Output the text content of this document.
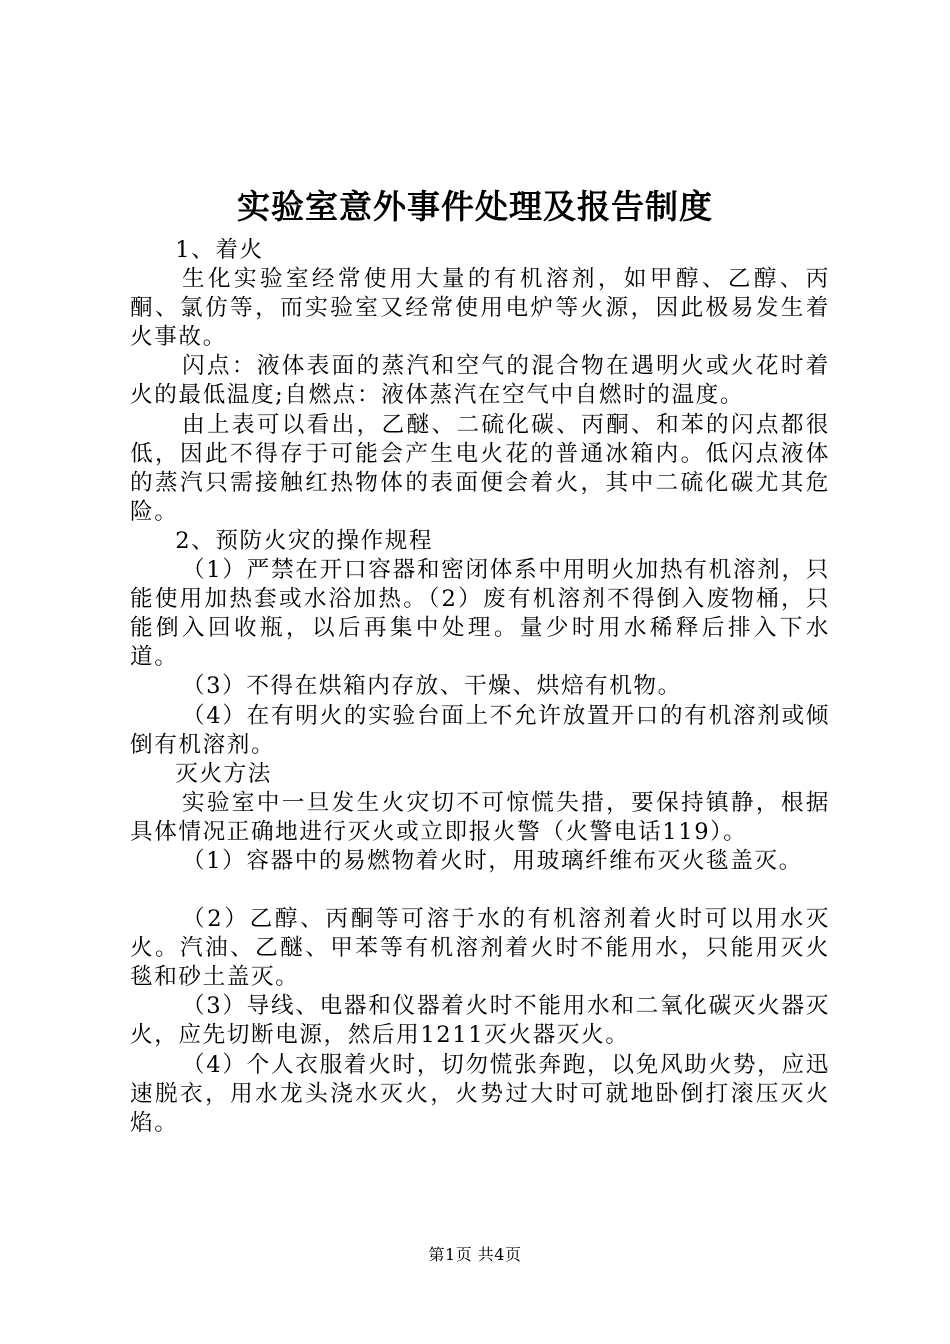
实验室意外事件处理及报告制度

1、着火

生化实验室经常使用大量的有机溶剂，如甲醇、乙醇、丙酮、氯仿等，而实验室又经常使用电炉等火源，因此极易发生着火事故。

闪点：液体表面的蒸汽和空气的混合物在遇明火或火花时着火的最低温度;自燃点：液体蒸汽在空气中自燃时的温度。

由上表可以看出，乙醚、二硫化碳、丙酮、和苯的闪点都很低，因此不得存于可能会产生电火花的普通冰箱内。低闪点液体的蒸汽只需接触红热物体的表面便会着火，其中二硫化碳尤其危险。

2、预防火灾的操作规程

（1）严禁在开口容器和密闭体系中用明火加热有机溶剂，只能使用加热套或水浴加热。（2）废有机溶剂不得倒入废物桶，只能倒入回收瓶，以后再集中处理。量少时用水稀释后排入下水道。

（3）不得在烘箱内存放、干燥、烘焙有机物。

（4）在有明火的实验台面上不允许放置开口的有机溶剂或倾倒有机溶剂。

灭火方法

实验室中一旦发生火灾切不可惊慌失措，要保持镇静，根据具体情况正确地进行灭火或立即报火警（火警电话119）。

（1）容器中的易燃物着火时，用玻璃纤维布灭火毯盖灭。

（2）乙醇、丙酮等可溶于水的有机溶剂着火时可以用水灭火。汽油、乙醚、甲苯等有机溶剂着火时不能用水，只能用灭火毯和砂土盖灭。

（3）导线、电器和仪器着火时不能用水和二氧化碳灭火器灭火，应先切断电源，然后用1211灭火器灭火。

（4）个人衣服着火时，切勿慌张奔跑，以免风助火势，应迅速脱衣，用水龙头浇水灭火，火势过大时可就地卧倒打滚压灭火焰。

第1页 共4页
